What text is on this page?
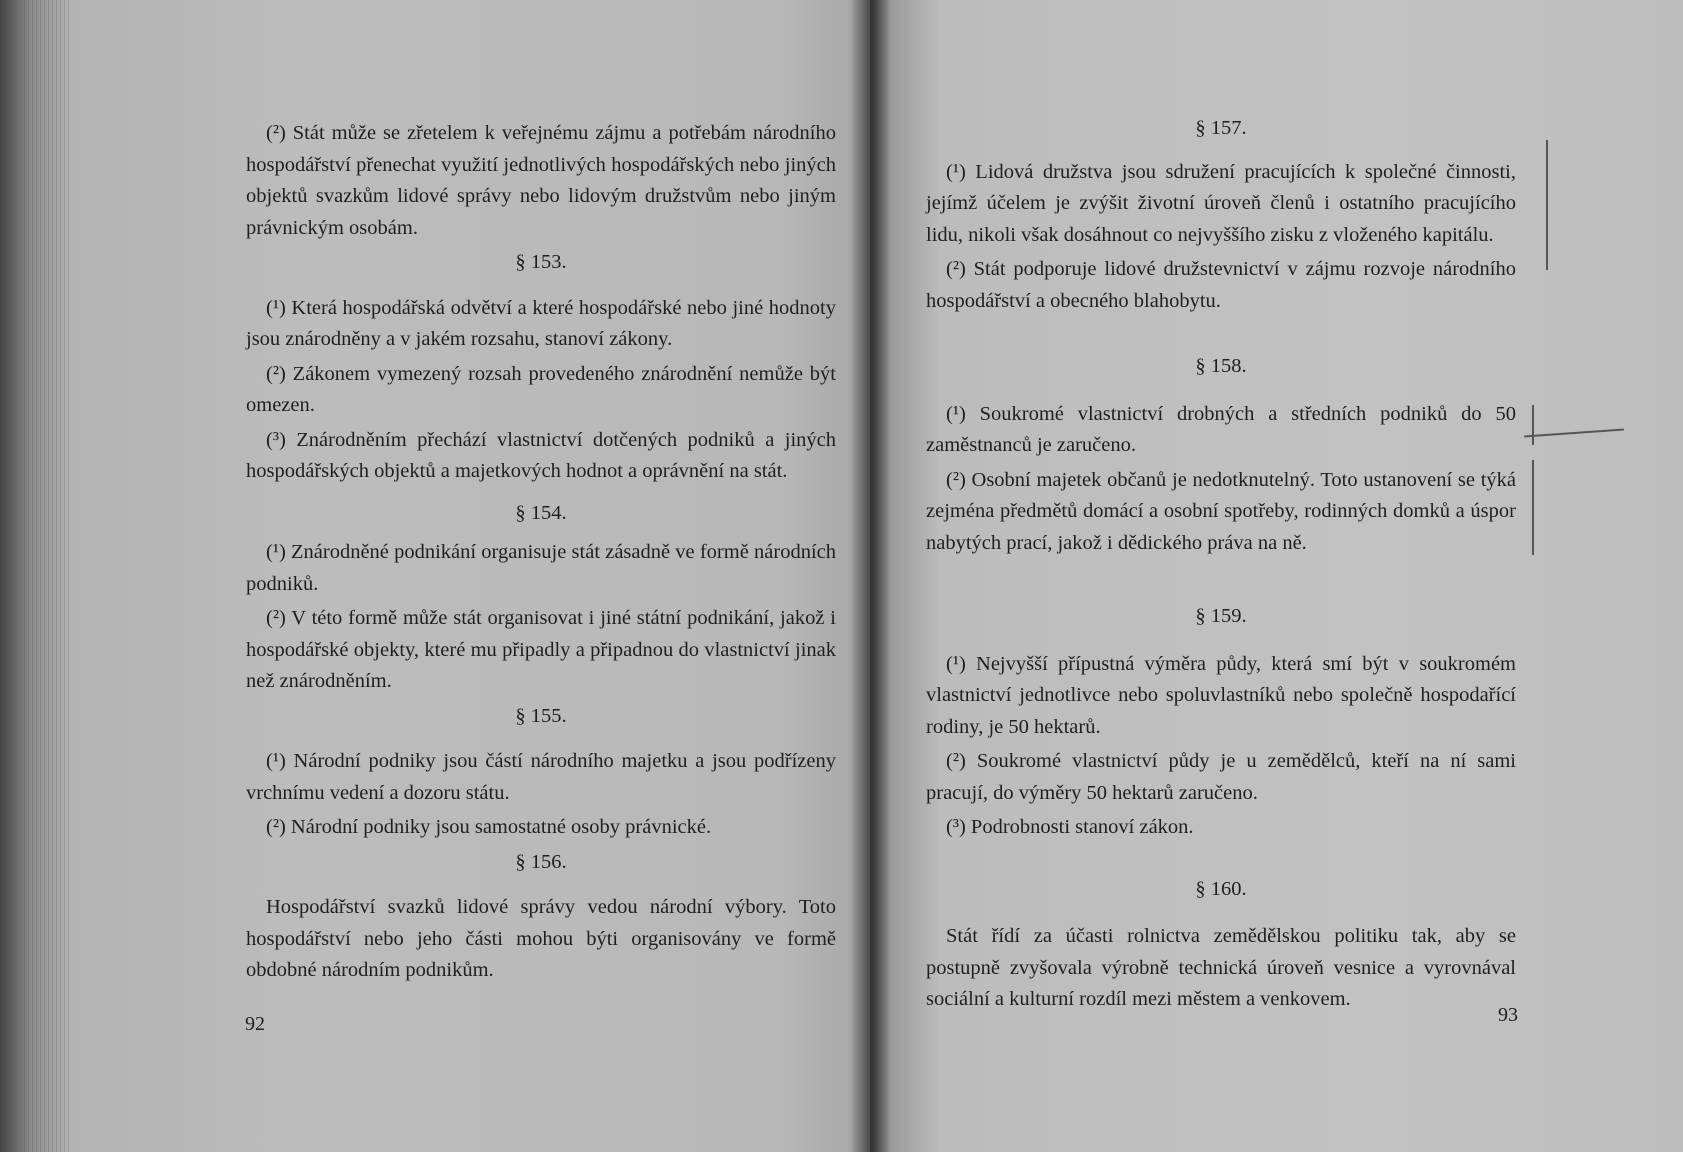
(²) Stát může se zřetelem k veřejnému zájmu a potřebám národního hospodářství přenechat využití jednotlivých hospodářských nebo jiných objektů svazkům lidové správy nebo lidovým družstvům nebo jiným právnickým osobám.

§ 153.

(¹) Která hospodářská odvětví a které hospodářské nebo jiné hodnoty jsou znárodněny a v jakém rozsahu, stanoví zákony.

(²) Zákonem vymezený rozsah provedeného znárodnění nemůže být omezen.

(³) Znárodněním přechází vlastnictví dotčených podniků a jiných hospodářských objektů a majetkových hodnot a oprávnění na stát.

§ 154.

(¹) Znárodněné podnikání organisuje stát zásadně ve formě národních podniků.

(²) V této formě může stát organisovat i jiné státní podnikání, jakož i hospodářské objekty, které mu připadly a připadnou do vlastnictví jinak než znárodněním.

§ 155.

(¹) Národní podniky jsou částí národního majetku a jsou podřízeny vrchnímu vedení a dozoru státu.

(²) Národní podniky jsou samostatné osoby právnické.

§ 156.

Hospodářství svazků lidové správy vedou národní výbory. Toto hospodářství nebo jeho části mohou býti organisovány ve formě obdobné národním podnikům.

92

§ 157.

(¹) Lidová družstva jsou sdružení pracujících k společné činnosti, jejímž účelem je zvýšit životní úroveň členů i ostatního pracujícího lidu, nikoli však dosáhnout co nejvyššího zisku z vloženého kapitálu.

(²) Stát podporuje lidové družstevnictví v zájmu rozvoje národního hospodářství a obecného blahobytu.

§ 158.

(¹) Soukromé vlastnictví drobných a středních podniků do 50 zaměstnanců je zaručeno.

(²) Osobní majetek občanů je nedotknutelný. Toto ustanovení se týká zejména předmětů domácí a osobní spotřeby, rodinných domků a úspor nabytých prací, jakož i dědického práva na ně.

§ 159.

(¹) Nejvyšší přípustná výměra půdy, která smí být v soukromém vlastnictví jednotlivce nebo spoluvlastníků nebo společně hospodařící rodiny, je 50 hektarů.

(²) Soukromé vlastnictví půdy je u zemědělců, kteří na ní sami pracují, do výměry 50 hektarů zaručeno.

(³) Podrobnosti stanoví zákon.

§ 160.

Stát řídí za účasti rolnictva zemědělskou politiku tak, aby se postupně zvyšovala výrobně technická úroveň vesnice a vyrovnával sociální a kulturní rozdíl mezi městem a venkovem.

93
